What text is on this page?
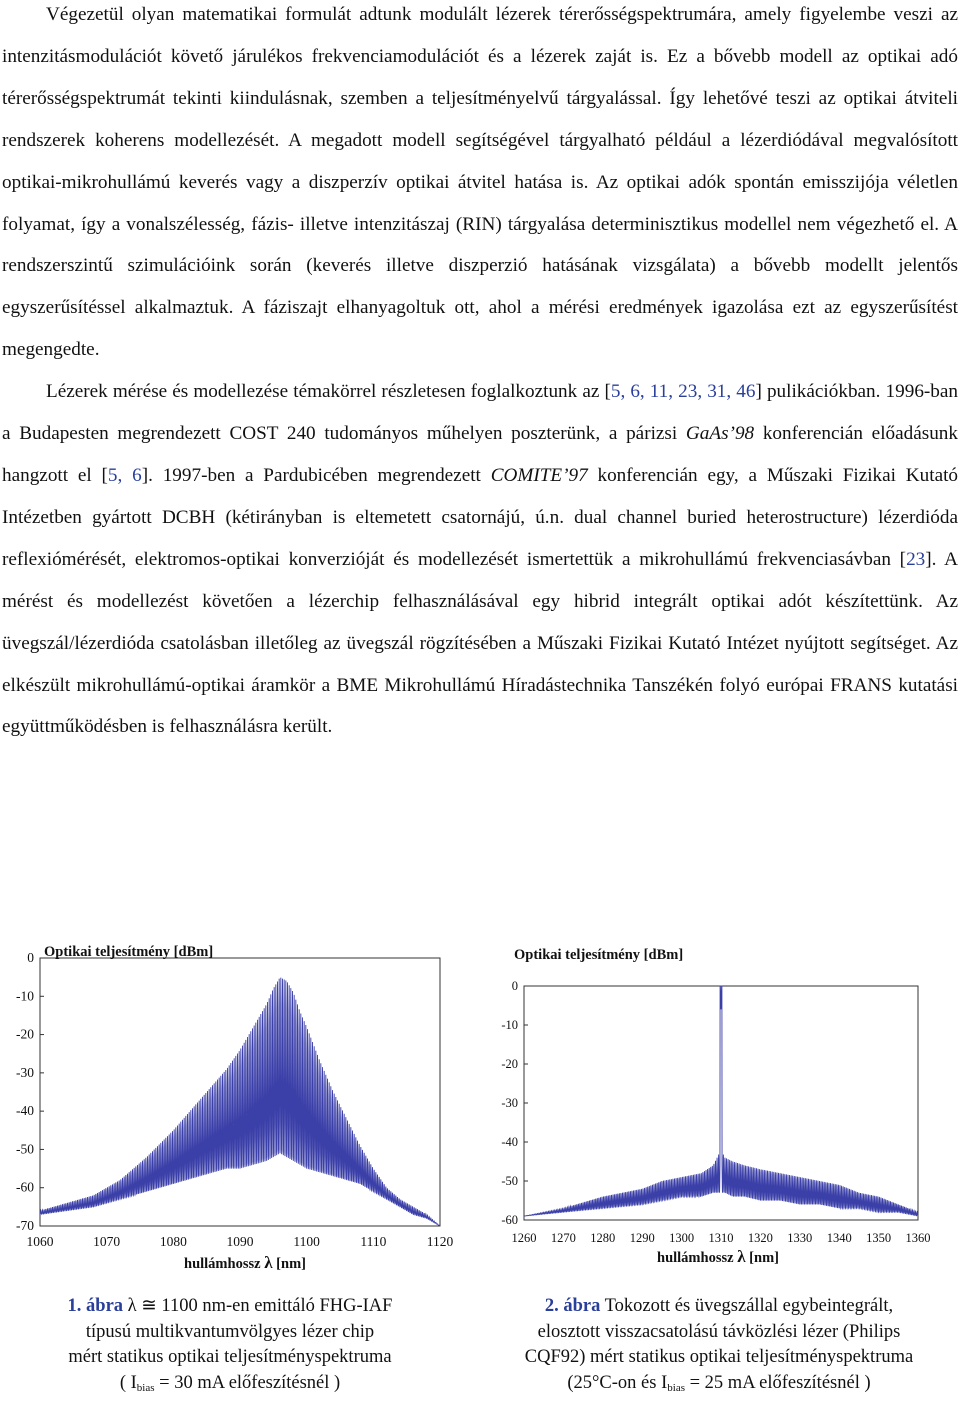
Végezetül olyan matematikai formulát adtunk modulált lézerek térerősségspektrumára, amely figyelembe veszi az intenzitásmodulációt követő járulékos frekvenciamodulációt és a lézerek zaját is. Ez a bővebb modell az optikai adó térerősségspektrumát tekinti kiindulásnak, szemben a teljesítményelvű tárgyalással. Így lehetővé teszi az optikai átviteli rendszerek koherens modellezését. A megadott modell segítségével tárgyalható például a lézerdiódával megvalósított optikai-mikrohullámú keverés vagy a diszperzív optikai átvitel hatása is. Az optikai adók spontán emisszijója véletlen folyamat, így a vonalszélesség, fázis- illetve intenzitászaj (RIN) tárgyalása determinisztikus modellel nem végezhető el. A rendszerszintű szimulációink során (keverés illetve diszperzió hatásának vizsgálata) a bővebb modellt jelentős egyszerűsítéssel alkalmaztuk. A fáziszajt elhanyagoltuk ott, ahol a mérési eredmények igazolása ezt az egyszerűsítést megengedte.

Lézerek mérése és modellezése témakörrel részletesen foglalkoztunk az [5, 6, 11, 23, 31, 46] pulikációkban. 1996-ban a Budapesten megrendezett COST 240 tudományos műhelyen poszterünk, a párizsi GaAs’98 konferencián előadásunk hangzott el [5, 6]. 1997-ben a Pardubicében megrendezett COMITE’97 konferencián egy, a Műszaki Fizikai Kutató Intézetben gyártott DCBH (kétirányban is eltemetett csatornájú, ú.n. dual channel buried heterostructure) lézerdióda reflexiómérését, elektromos-optikai konverzióját és modellezését ismertettük a mikrohullámú frekvenciasávban [23]. A mérést és modellezést követően a lézerchip felhasználásával egy hibrid integrált optikai adót készítettünk. Az üvegszál/lézerdióda csatolásban illetőleg az üvegszál rögzítésében a Műszaki Fizikai Kutató Intézet nyújtott segítséget. Az elkészült mikrohullámú-optikai áramkör a BME Mikrohullámú Híradástechnika Tanszékén folyó európai FRANS kutatási együttműködésben is felhasználásra került.

0
-10
-20
-30
-40
-50
-60
-70
1060	1070	1080	1090	1100	1110	1120
Optikai teljesítmény [dBm]
hullámhossz λ [nm]
1. ábra λ ≅ 1100 nm-en emittáló FHG-IAF
típusú multikvantumvölgyes lézer chip
mért statikus optikai teljesítményspektruma
( $I_{bias} = 30$ mA előfeszítésnél )
0
-10
-20
-30
-40
-50
-60
1260 1270 1280 1290 1300 1310 1320 1330 1340 1350 1360
Optikai teljesítmény [dBm]
hullámhossz λ [nm]
2. ábra Tokozott és üvegszállal egybeintegrált,
elosztott visszacsatolású távközlési lézer (Philips
CQF92) mért statikus optikai teljesítményspektruma
(25°C-on és $I_{bias} = 25$ mA előfeszítésnél )
